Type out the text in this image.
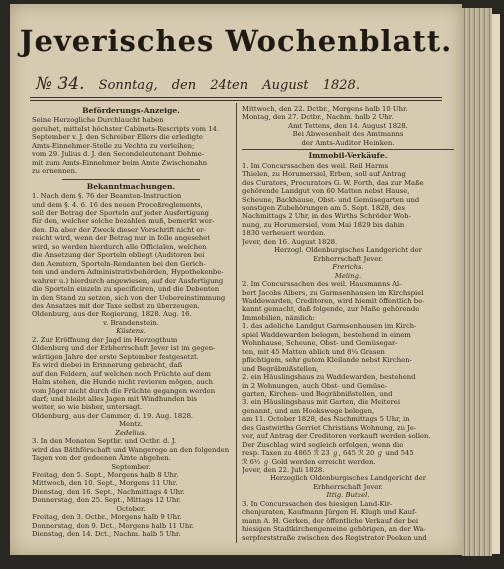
Jeverisches Wochenblatt.
№ 34. Sonntag, den 24ten August 1828.
Beförderungs-Anzeige.
Seine Herzogliche Durchlaucht haben
geruhet, mittelst höchster Cabinets-Rescripts vom 14.
September v. J. den Schreiber Ellers die erledigte
Amts-Einnehmer-Stelle zu Vechta zu verleihen;
vom 29. Julius d. J. den Secondeleutenant Dehme-
mit zum Amts-Einnehmer beim Amte Zwischenahn
zu ernennen.
Bekanntmachungen.
1. Nach dem §. 76 der Beamten-Instruction
und dem §. 4. 6. 16 des neuen Proceßreglements,
soll der Betrag der Sporteln auf jeder Ausfertigung
für den, welcher solche bezahlen muß, bemerkt wer-
den. Da aber der Zweck dieser Vorschrift nicht er-
reicht wird, wenn der Betrag nur in folle angesehet
wird, so werden hierdurch alle Officialen, welchen
die Ansetzung der Sporteln obliegt (Auditoren bei
den Aemtern, Sporteln-Rendanten bei den Gerich-
ten und andern Administrativbehörden, Hypothekenbe-
wahrer u.) hierdurch angewiesen, auf der Ausfertigung
die Sporteln einzeln zu specificiren, und die Debenten
in den Stand zu setzen, sich von der Uebereinstimmung
des Ansatzes mit der Taxe selbst zu überzeugen.
Oldenburg, aus der Regierung, 1828. Aug. 16.
v. Brandenstein.
Küstens.
2. Zur Eröffnung der Jagd im Herzogthum
Oldenburg und der Erbherrschaft Jever ist im gegen-
wärtigen Jahre der erste September festgesetzt.
Es wird diebei in Erinnerung gebracht, daß
auf den Feldern, auf welchen noch Früchte auf dem
Halm stehen, die Hunde nicht revieren mögen, auch
vom Jäger nicht durch die Früchte gegangen werden
darf; und bleibt alles Jagen mit Windhunden bis
weiter, so wie bisher, untersagt.
Oldenburg, aus der Cammer, d. 19. Aug. 1828.
Mentz.
Zedelius.
3. In den Monaten Septbr. und Octbr. d. J.
wird das Bäthförschaft und Wangeroge an den folgenden
Tagen von der gedeenen Ämte abgehen.
September.
Freitag, den 5. Sept., Morgens halb 8 Uhr.
Mittwoch, den 10. Sept., Morgens 11 Uhr.
Dienstag, den 16. Sept., Nachmittags 4 Uhr.
Donnerstag, den 25. Sept., Mittags 12 Uhr.
October.
Freitag, den 3. Octbr., Morgens halb 9 Uhr.
Donnerstag, den 9. Dct., Morgens halb 11 Uhr.
Dienstag, den 14. Dct., Nachm. halb 5 Uhr.
Mittwoch, den 22. Dctbr., Morgens halb 10 Uhr.
Montag, den 27. Dctbr., Nachm. halb 2 Uhr.
Amt Tettens, den 14. August 1828.
Bei Abwesenheit des Amtmanns
der Amts-Auditor Heinken.
Immobil-Verkäufe.
1. Im Concurssachen des weil. Reil Harms
Thielen, zu Horumersiel, Erben, soll auf Antrag
des Curators, Procurators G. W. Forth, das zur Maße
gehörende Landgut von 60 Matten nebst Hause,
Scheune, Backhause, Obst- und Gemüsegarten und
sonstigen Zubehörungen am 5. Sept. 1828, des
Nachmittags 2 Uhr, in des Wirths Schröder Woh-
nung, zu Horumersiel, vom Mai 1829 bis dahin
1830 verheuert werden.
Jever, den 16. August 1828.
Herzogl. Oldenburgisches Landgericht der
Erbherrschaft Jever.
Frerichs.
Meling.
2. Im Concurssachen des weil. Hausmanns Al-
bert Jacobs Albers, zu Garmsenhausen im Kirchspiel
Waddewarden, Creditoren, wird hiemit öffentlich be-
kannt gemacht, daß folgende, zur Maße gehörende
Immobilien, nämlich:
1. das adeliche Landgut Garmsenhausen im Kirch-
spiel Waddewarden belegen, bestehend in einem
Wohnhause, Scheune, Obst- und Gemüsegar-
ten, mit 45 Matten ablich und 8¼ Grasen
pflichtigem, sehr gutem Kleilande nebst Kirchen-
und Begräbnißstellen,
2. ein Häuslingshaus zu Waddewarden, bestehend
in 2 Wohnungen, auch Obst- und Gemüse-
garten, Kirchen- und Begräbnißstellen, und
3. ein Häuslingshaus mit Garten, die Meiterei
genannt, und am Hookswege belegen,
am 11. October 1828, des Nachmittags 5 Uhr, in
des Gastwirths Gerriet Christians Wohnung, zu Je-
ver, auf Antrag der Creditoren verkauft werden sollen.
Der Zuschlag wird sogleich erfolgen, wenn die
resp. Taxen zu 4865 ℛ 23 ℊ, 645 ℛ 20 ℊ und 545
ℛ 6½ ℊ Gold werden erreicht werden.
Jever, den 22. Juli 1828.
Herzoglich Oldenburgisches Landgericht der
Erbherrschaft Jever.
Ittig. Butzel.
3. In Concurssachen des hiesigen Land-Kir-
chenjuraten, Kaufmann Jürgen H. Klugh und Kauf-
mann A. H. Gerken, der öffentliche Verkauf der bei
hiesigen Stadtkirchengemeine gehörigen, an der Wa-
serpforststraße zwischen des Registrator Peeken und
